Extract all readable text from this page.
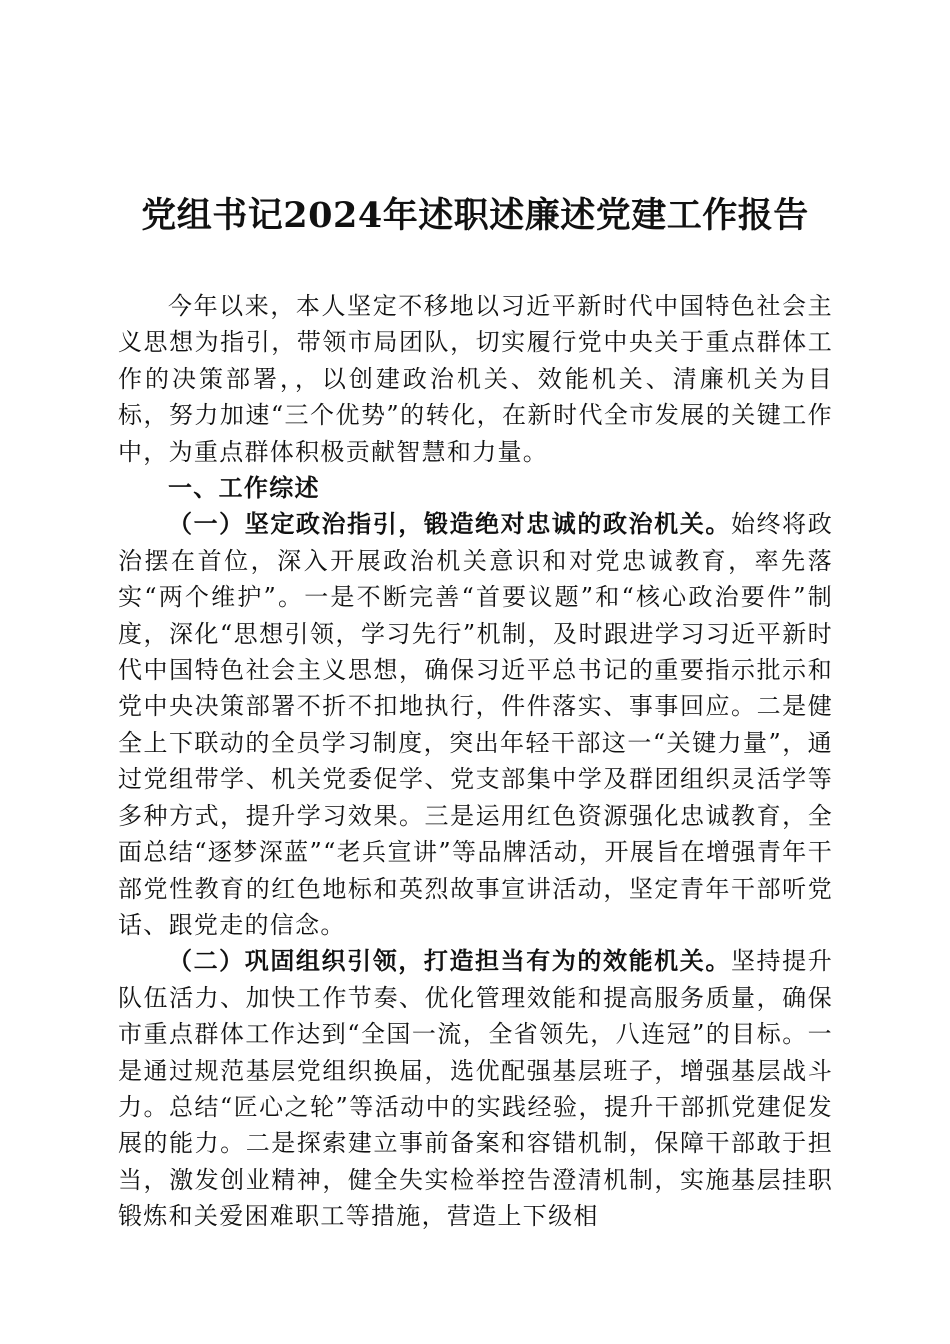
党组书记2024年述职述廉述党建工作报告

今年以来，本人坚定不移地以习近平新时代中国特色社会主义思想为指引，带领市局团队，切实履行党中央关于重点群体工作的决策部署，，以创建政治机关、效能机关、清廉机关为目标，努力加速“三个优势”的转化，在新时代全市发展的关键工作中，为重点群体积极贡献智慧和力量。

一、工作综述

（一）坚定政治指引，锻造绝对忠诚的政治机关。始终将政治摆在首位，深入开展政治机关意识和对党忠诚教育，率先落实“两个维护”。一是不断完善“首要议题”和“核心政治要件”制度，深化“思想引领，学习先行”机制，及时跟进学习习近平新时代中国特色社会主义思想，确保习近平总书记的重要指示批示和党中央决策部署不折不扣地执行，件件落实、事事回应。二是健全上下联动的全员学习制度，突出年轻干部这一“关键力量”，通过党组带学、机关党委促学、党支部集中学及群团组织灵活学等多种方式，提升学习效果。三是运用红色资源强化忠诚教育，全面总结“逐梦深蓝”“老兵宣讲”等品牌活动，开展旨在增强青年干部党性教育的红色地标和英烈故事宣讲活动，坚定青年干部听党话、跟党走的信念。

（二）巩固组织引领，打造担当有为的效能机关。坚持提升队伍活力、加快工作节奏、优化管理效能和提高服务质量，确保市重点群体工作达到“全国一流，全省领先，八连冠”的目标。一是通过规范基层党组织换届，选优配强基层班子，增强基层战斗力。总结“匠心之轮”等活动中的实践经验，提升干部抓党建促发展的能力。二是探索建立事前备案和容错机制，保障干部敢于担当，激发创业精神，健全失实检举控告澄清机制，实施基层挂职锻炼和关爱困难职工等措施，营造上下级相
